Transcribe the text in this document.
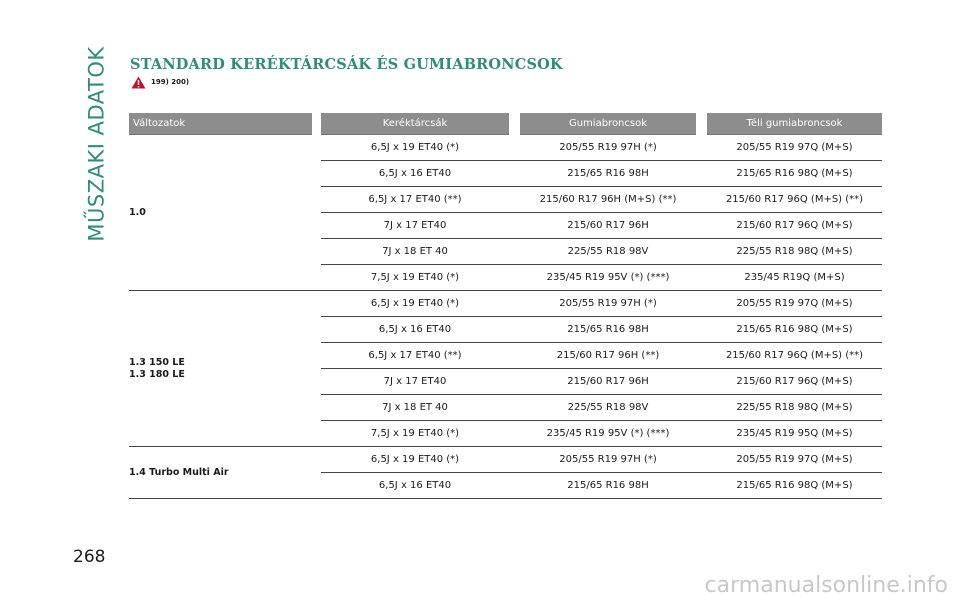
MŰSZAKI ADATOK STANDARD KERÉKTÁRCSÁK ÉS GUMIABRONCSOK
199) 200)
Változatok		Keréktárcsák		Gumiabroncsok		Téli gumiabroncsok
1.0		6,5J x 19 ET40 (*)		205/55 R19 97H (*)		205/55 R19 97Q (M+S)
		6,5J x 16 ET40		215/65 R16 98H		215/65 R16 98Q (M+S)
		6,5J x 17 ET40 (**)		215/60 R17 96H (M+S) (**)		215/60 R17 96Q (M+S) (**)
		7J x 17 ET40		215/60 R17 96H		215/60 R17 96Q (M+S)
		7J x 18 ET 40		225/55 R18 98V		225/55 R18 98Q (M+S)
		7,5J x 19 ET40 (*)		235/45 R19 95V (*) (***)		235/45 R19Q (M+S)

1.3 150 LE
1.3 180 LE		6,5J x 19 ET40 (*)		205/55 R19 97H (*)		205/55 R19 97Q (M+S)
		6,5J x 16 ET40		215/65 R16 98H		215/65 R16 98Q (M+S)
		6,5J x 17 ET40 (**)		215/60 R17 96H (**)		215/60 R17 96Q (M+S) (**)
		7J x 17 ET40		215/60 R17 96H		215/60 R17 96Q (M+S)
		7J x 18 ET 40		225/55 R18 98V		225/55 R18 98Q (M+S)
		7,5J x 19 ET40 (*)		235/45 R19 95V (*) (***)		235/45 R19 95Q (M+S)
1.4 Turbo Multi Air		6,5J x 19 ET40 (*)		205/55 R19 97H (*)		205/55 R19 97Q (M+S)
		6,5J x 16 ET40		215/65 R16 98H		215/65 R16 98Q (M+S)
268
carmanualsonline.info
